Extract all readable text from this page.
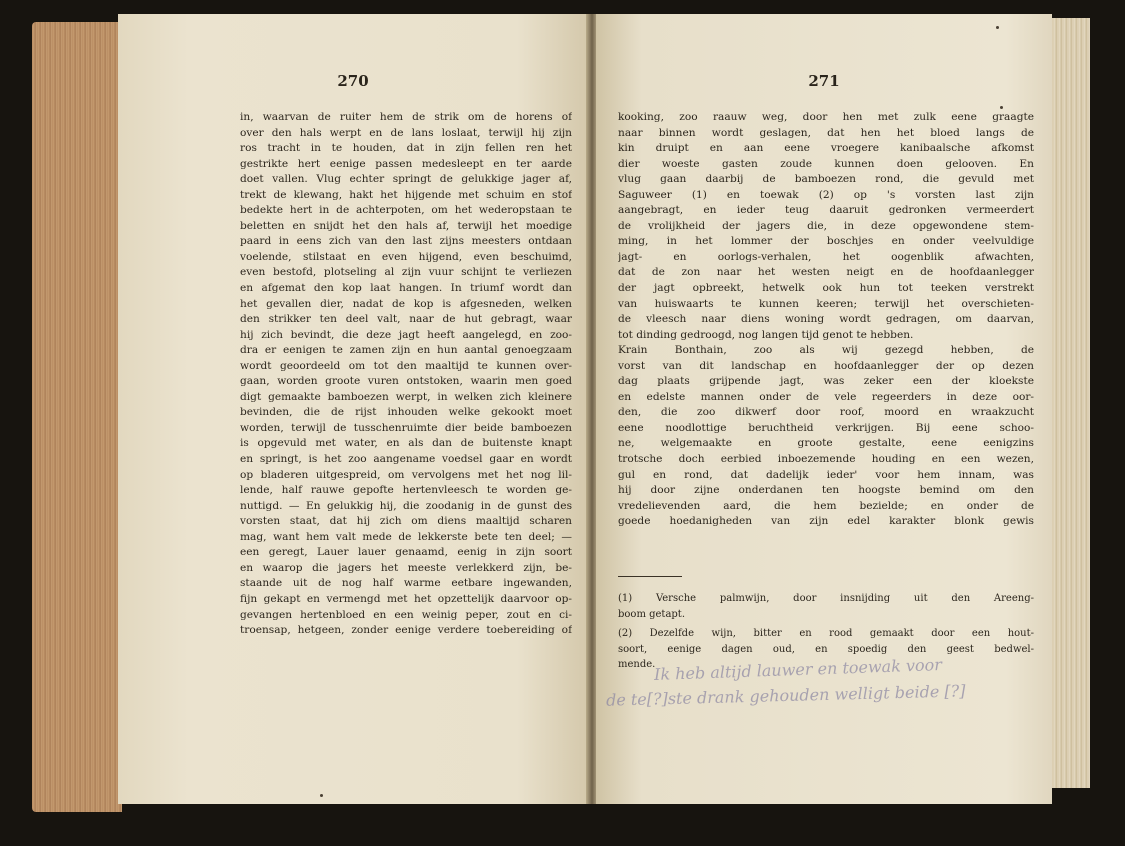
270
in, waarvan de ruiter hem de strik om de horens of
over den hals werpt en de lans loslaat, terwijl hij zijn
ros tracht in te houden, dat in zijn fellen ren het
gestrikte hert eenige passen medesleept en ter aarde
doet vallen. Vlug echter springt de gelukkige jager af,
trekt de klewang, hakt het hijgende met schuim en stof
bedekte hert in de achterpoten, om het wederopstaan te
beletten en snijdt het den hals af, terwijl het moedige
paard in eens zich van den last zijns meesters ontdaan
voelende, stilstaat en even hijgend, even beschuimd,
even bestofd, plotseling al zijn vuur schijnt te verliezen
en afgemat den kop laat hangen. In triumf wordt dan
het gevallen dier, nadat de kop is afgesneden, welken
den strikker ten deel valt, naar de hut gebragt, waar
hij zich bevindt, die deze jagt heeft aangelegd, en zoo-
dra er eenigen te zamen zijn en hun aantal genoegzaam
wordt geoordeeld om tot den maaltijd te kunnen over-
gaan, worden groote vuren ontstoken, waarin men goed
digt gemaakte bamboezen werpt, in welken zich kleinere
bevinden, die de rijst inhouden welke gekookt moet
worden, terwijl de tusschenruimte dier beide bamboezen
is opgevuld met water, en als dan de buitenste knapt
en springt, is het zoo aangename voedsel gaar en wordt
op bladeren uitgespreid, om vervolgens met het nog lil-
lende, half rauwe gepofte hertenvleesch te worden ge-
nuttigd. — En gelukkig hij, die zoodanig in de gunst des
vorsten staat, dat hij zich om diens maaltijd scharen
mag, want hem valt mede de lekkerste bete ten deel; —
een geregt, Lauer lauer genaamd, eenig in zijn soort
en waarop die jagers het meeste verlekkerd zijn, be-
staande uit de nog half warme eetbare ingewanden,
fijn gekapt en vermengd met het opzettelijk daarvoor op-
gevangen hertenbloed en een weinig peper, zout en ci-
troensap, hetgeen, zonder eenige verdere toebereiding of
271
kooking, zoo raauw weg, door hen met zulk eene graagte
naar binnen wordt geslagen, dat hen het bloed langs de
kin druipt en aan eene vroegere kanibaalsche afkomst
dier woeste gasten zoude kunnen doen gelooven. En
vlug gaan daarbij de bamboezen rond, die gevuld met
Saguweer (1) en toewak (2) op 's vorsten last zijn
aangebragt, en ieder teug daaruit gedronken vermeerdert
de vrolijkheid der jagers die, in deze opgewondene stem-
ming, in het lommer der boschjes en onder veelvuldige
jagt- en oorlogs-verhalen, het oogenblik afwachten,
dat de zon naar het westen neigt en de hoofdaanlegger
der jagt opbreekt, hetwelk ook hun tot teeken verstrekt
van huiswaarts te kunnen keeren; terwijl het overschieten-
de vleesch naar diens woning wordt gedragen, om daarvan,
tot dinding gedroogd, nog langen tijd genot te hebben.
Krain Bonthain, zoo als wij gezegd hebben, de
vorst van dit landschap en hoofdaanlegger der op dezen
dag plaats grijpende jagt, was zeker een der kloekste
en edelste mannen onder de vele regeerders in deze oor-
den, die zoo dikwerf door roof, moord en wraakzucht
eene noodlottige beruchtheid verkrijgen. Bij eene schoo-
ne, welgemaakte en groote gestalte, eene eenigzins
trotsche doch eerbied inboezemende houding en een wezen,
gul en rond, dat dadelijk ieder' voor hem innam, was
hij door zijne onderdanen ten hoogste bemind om den
vredelievenden aard, die hem bezielde; en onder de
goede hoedanigheden van zijn edel karakter blonk gewis
(1) Versche palmwijn, door insnijding uit den Areeng-
boom getapt.
(2) Dezelfde wijn, bitter en rood gemaakt door een hout-
soort, eenige dagen oud, en spoedig den geest bedwel-
mende.
Ik heb altijd lauwer en toewak voor
de te[?]ste drank gehouden welligt beide [?]
